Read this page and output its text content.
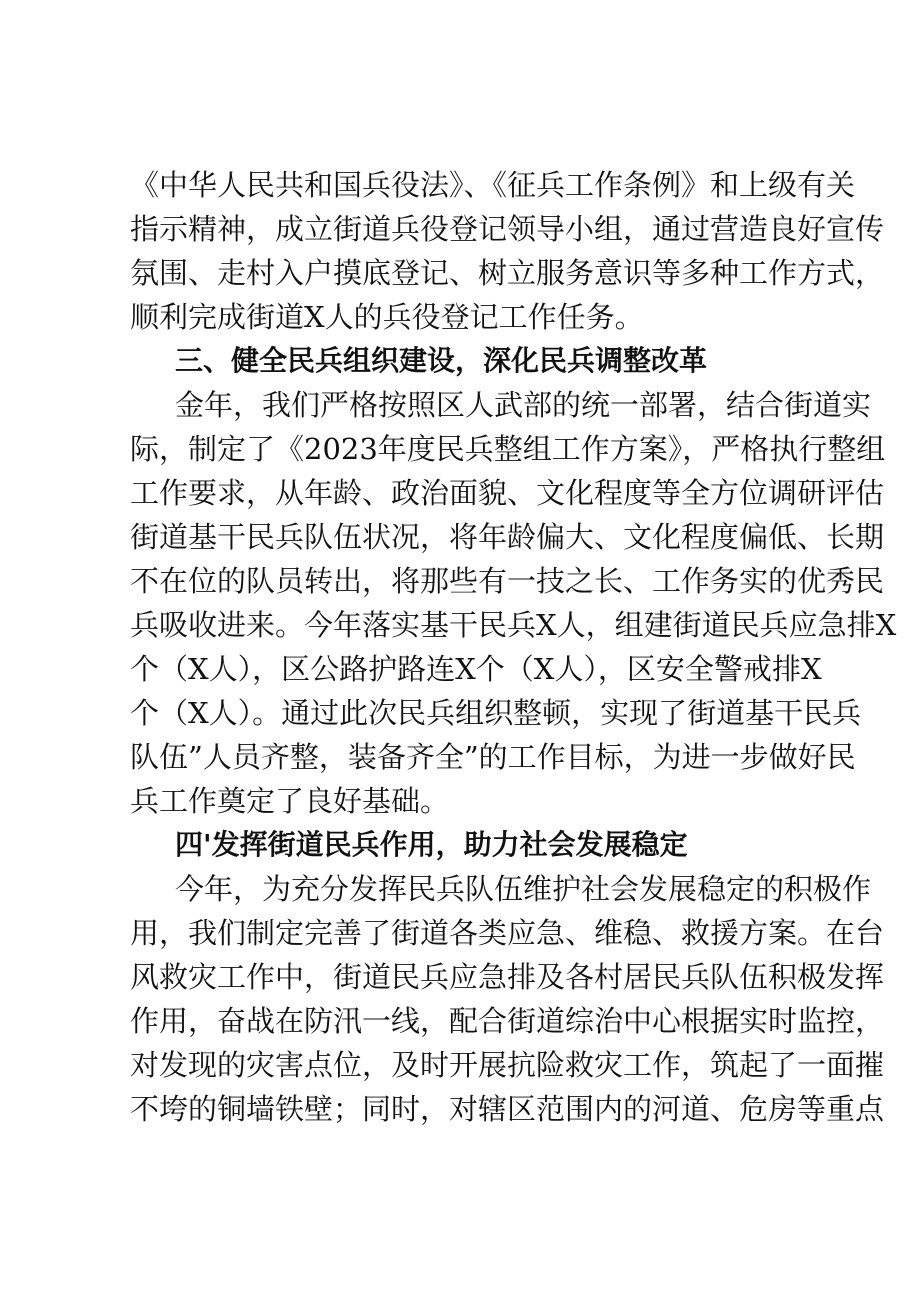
《中华人民共和国兵役法》、《征兵工作条例》和上级有关
指示精神，成立街道兵役登记领导小组，通过营造良好宣传
氛围、走村入户摸底登记、树立服务意识等多种工作方式，
顺利完成街道X人的兵役登记工作任务。
三、健全民兵组织建设，深化民兵调整改革
金年，我们严格按照区人武部的统一部署，结合街道实
际，制定了《2023年度民兵整组工作方案》，严格执行整组
工作要求，从年龄、政治面貌、文化程度等全方位调研评估
街道基干民兵队伍状况，将年龄偏大、文化程度偏低、长期
不在位的队员转出，将那些有一技之长、工作务实的优秀民
兵吸收进来。今年落实基干民兵X人，组建街道民兵应急排X
个（X人），区公路护路连X个（X人），区安全警戒排X
个（X人）。通过此次民兵组织整顿，实现了街道基干民兵
队伍”人员齐整，装备齐全”的工作目标，为进一步做好民
兵工作奠定了良好基础。
四'发挥街道民兵作用，助力社会发展稳定
今年，为充分发挥民兵队伍维护社会发展稳定的积极作
用，我们制定完善了街道各类应急、维稳、救援方案。在台
风救灾工作中，街道民兵应急排及各村居民兵队伍积极发挥
作用，奋战在防汛一线，配合街道综治中心根据实时监控，
对发现的灾害点位，及时开展抗险救灾工作，筑起了一面摧
不垮的铜墙铁壁；同时，对辖区范围内的河道、危房等重点
